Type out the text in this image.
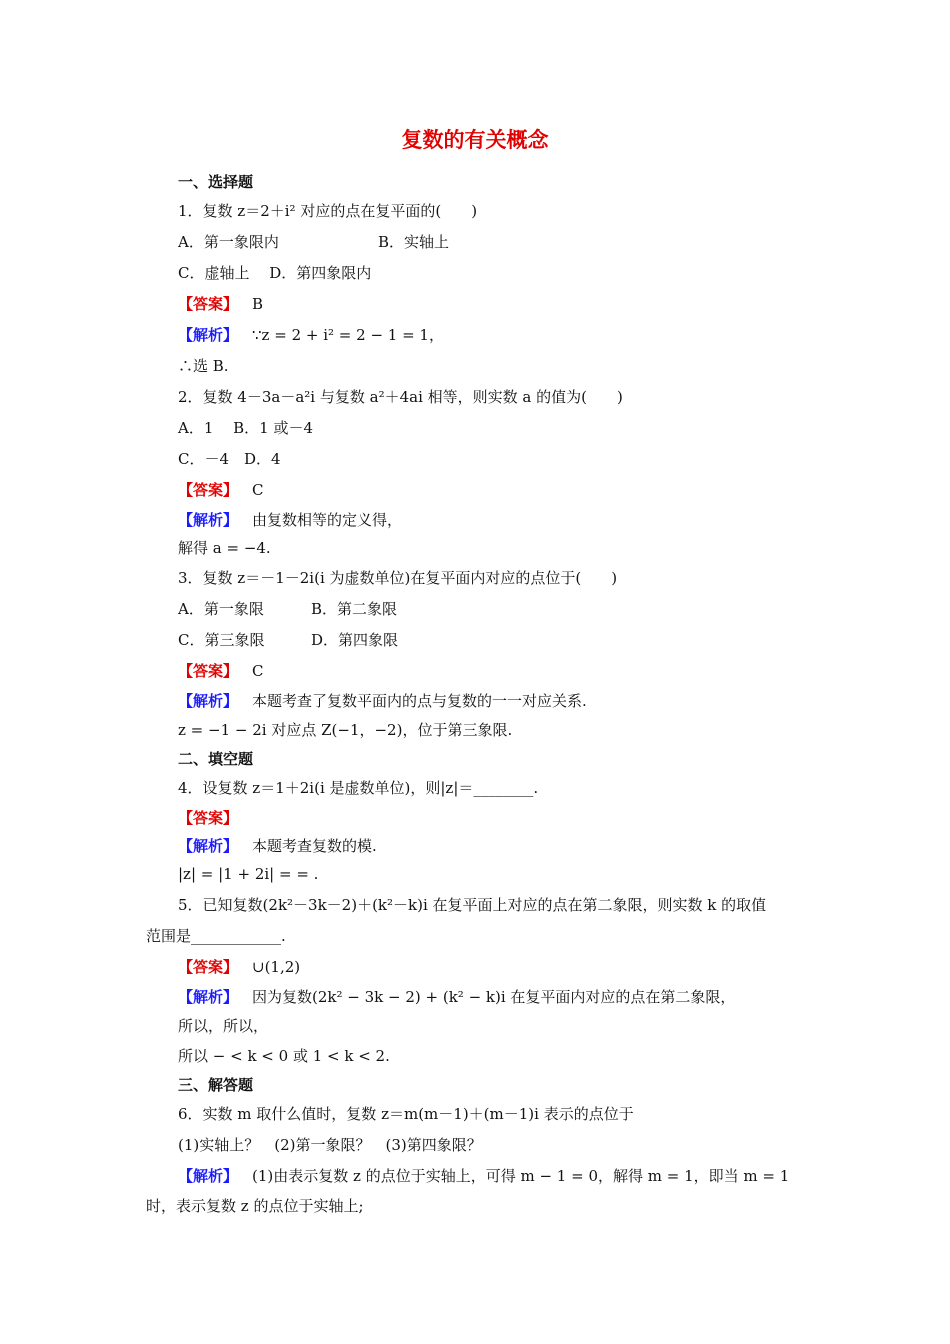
复数的有关概念
一、选择题
1．复数 z＝2＋i² 对应的点在复平面的(　　)
A．第一象限内	B．实轴上
C．虚轴上　 D．第四象限内
【答案】 B
【解析】 ∵z = 2 + i² = 2 − 1 = 1，
∴选 B.
2．复数 4－3a－a²i 与复数 a²＋4ai 相等，则实数 a 的值为(　　)
A．1　 B．1 或－4
C．－4　D．4
【答案】 C
【解析】 由复数相等的定义得，
解得 a = −4.
3．复数 z＝－1－2i(i 为虚数单位)在复平面内对应的点位于(　　)
A．第一象限	B．第二象限
C．第三象限	D．第四象限
【答案】 C
【解析】 本题考查了复数平面内的点与复数的一一对应关系.
z = −1 − 2i 对应点 Z(−1，−2)，位于第三象限.
二、填空题
4．设复数 z＝1＋2i(i 是虚数单位)，则|z|＝________.
【答案】
【解析】 本题考查复数的模.
|z| = |1 + 2i| = = .
5．已知复数(2k²－3k－2)＋(k²－k)i 在复平面上对应的点在第二象限，则实数 k 的取值
范围是____________.
【答案】 ∪(1,2)
【解析】 因为复数(2k² − 3k − 2) + (k² − k)i 在复平面内对应的点在第二象限，
所以，所以，
所以 − < k < 0 或 1 < k < 2.
三、解答题
6．实数 m 取什么值时，复数 z＝m(m－1)＋(m－1)i 表示的点位于
(1)实轴上？　(2)第一象限？　(3)第四象限？
【解析】 (1)由表示复数 z 的点位于实轴上，可得 m − 1 = 0，解得 m = 1，即当 m = 1
时，表示复数 z 的点位于实轴上;
